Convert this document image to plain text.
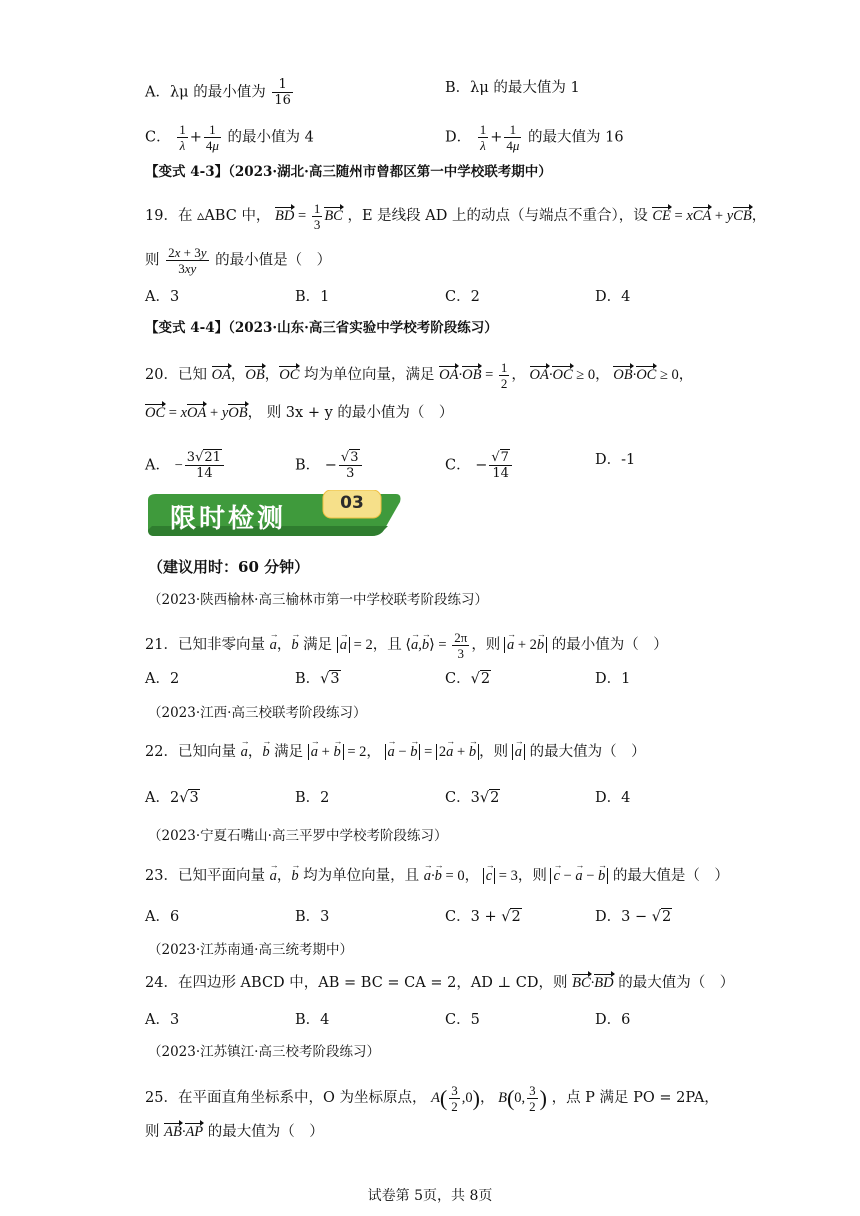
A．λμ 的最小值为 $\frac{1}{16}$	B．λμ 的最大值为 1
C． $\frac{1}{\lambda} + \frac{1}{4\mu}$ 的最小值为 4	D． $\frac{1}{\lambda} + \frac{1}{4\mu}$ 的最大值为 16
【变式 4-3】（2023·湖北·高三随州市曾都区第一中学校联考期中）
19．在 ▵ABC 中， BD = $\frac{1}{3}$ BC ，E 是线段 AD 上的动点（与端点不重合），设 CE = xCA + yCB，
则 $\frac{2x + 3y}{3xy}$ 的最小值是（　）
A．3	B．1	C．2	D．4
【变式 4-4】（2023·山东·高三省实验中学校考阶段练习）
20．已知 OA，OB，OC 均为单位向量，满足 $OA\cdot OB = \frac{1}{2}$ ， OA·OC ≥ 0， OB·OC ≥ 0，
OC = xOA + yOB， 则 3x + y 的最小值为（　）
A． − $\frac{3√21}{14}$	B． − $\frac{√3}{3}$	C． − $\frac{√7}{14}$	D．-1
限时检测
03
（建议用时：60 分钟）
（2023·陕西榆林·高三榆林市第一中学校联考阶段练习）
21．已知非零向量 a →，b → 满足 a → = 2，且 ⟨a →,b →⟩ = $\frac{2\pi}{3}$ ，则 a → + 2b → 的最小值为（　）
A．2	B．√3	C．√2	D．1
（2023·江西·高三校联考阶段练习）
22．已知向量 a →，b → 满足 a → + b → = 2， a → − b → = 2a → + b → ，则 a → 的最大值为（　）
A．2√3	B．2	C．3√2	D．4
（2023·宁夏石嘴山·高三平罗中学校考阶段练习）
23．已知平面向量 a →，b → 均为单位向量，且 a →·b → = 0， c → = 3，则 c → − a → − b → 的最大值是（　）
A．6	B．3	C．3 + √2	D．3 − √2
（2023·江苏南通·高三统考期中）
24．在四边形 ABCD 中，AB = BC = CA = 2，AD ⊥ CD，则 BC·BD 的最大值为（　）
A．3	B．4	C．5	D．6
（2023·江苏镇江·高三校考阶段练习）
25．在平面直角坐标系中，O 为坐标原点， $A( \frac{3}{2} ,0)$， B(0, $\frac{3}{2}$ ) ，点 P 满足 PO = 2PA，
则 AB·AP 的最大值为（　）
试卷第 5页，共 8页
